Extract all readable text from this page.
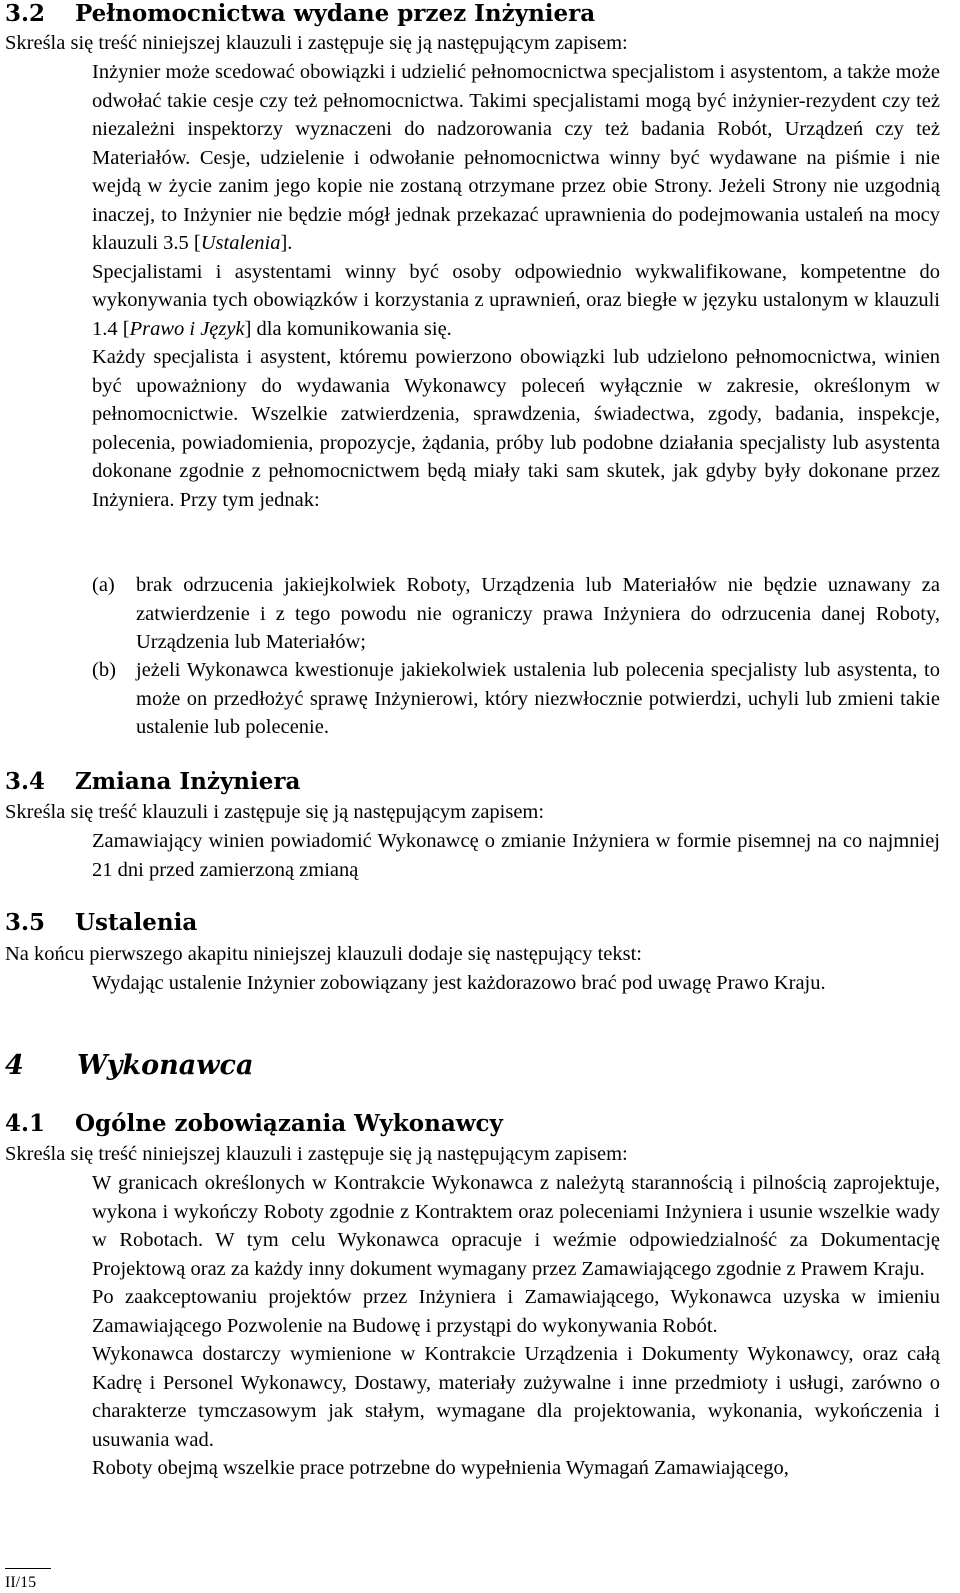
3.2 Pełnomocnictwa wydane przez Inżyniera
Skreśla się treść niniejszej klauzuli i zastępuje się ją następującym zapisem:

Inżynier może scedować obowiązki i udzielić pełnomocnictwa specjalistom i asystentom, a także może odwołać takie cesje czy też pełnomocnictwa. Takimi specjalistami mogą być inżynier-rezydent czy też niezależni inspektorzy wyznaczeni do nadzorowania czy też badania Robót, Urządzeń czy też Materiałów. Cesje, udzielenie i odwołanie pełnomocnictwa winny być wydawane na piśmie i nie wejdą w życie zanim jego kopie nie zostaną otrzymane przez obie Strony. Jeżeli Strony nie uzgodnią inaczej, to Inżynier nie będzie mógł jednak przekazać uprawnienia do podejmowania ustaleń na mocy klauzuli 3.5 [Ustalenia].

Specjalistami i asystentami winny być osoby odpowiednio wykwalifikowane, kompetentne do wykonywania tych obowiązków i korzystania z uprawnień, oraz biegłe w języku ustalonym w klauzuli 1.4 [Prawo i Język] dla komunikowania się.

Każdy specjalista i asystent, któremu powierzono obowiązki lub udzielono pełnomocnictwa, winien być upoważniony do wydawania Wykonawcy poleceń wyłącznie w zakresie, określonym w pełnomocnictwie. Wszelkie zatwierdzenia, sprawdzenia, świadectwa, zgody, badania, inspekcje, polecenia, powiadomienia, propozycje, żądania, próby lub podobne działania specjalisty lub asystenta dokonane zgodnie z pełnomocnictwem będą miały taki sam skutek, jak gdyby były dokonane przez Inżyniera. Przy tym jednak:

(a) brak odrzucenia jakiejkolwiek Roboty, Urządzenia lub Materiałów nie będzie uznawany za zatwierdzenie i z tego powodu nie ograniczy prawa Inżyniera do odrzucenia danej Roboty, Urządzenia lub Materiałów;
(b) jeżeli Wykonawca kwestionuje jakiekolwiek ustalenia lub polecenia specjalisty lub asystenta, to może on przedłożyć sprawę Inżynierowi, który niezwłocznie potwierdzi, uchyli lub zmieni takie ustalenie lub polecenie.
3.4 Zmiana Inżyniera
Skreśla się treść klauzuli i zastępuje się ją następującym zapisem:

Zamawiający winien powiadomić Wykonawcę o zmianie Inżyniera w formie pisemnej na co najmniej 21 dni przed zamierzoną zmianą

3.5 Ustalenia
Na końcu pierwszego akapitu niniejszej klauzuli dodaje się następujący tekst:

Wydając ustalenie Inżynier zobowiązany jest każdorazowo brać pod uwagę Prawo Kraju.

4 Wykonawca
4.1 Ogólne zobowiązania Wykonawcy
Skreśla się treść niniejszej klauzuli i zastępuje się ją następującym zapisem:

W granicach określonych w Kontrakcie Wykonawca z należytą starannością i pilnością zaprojektuje, wykona i wykończy Roboty zgodnie z Kontraktem oraz poleceniami Inżyniera i usunie wszelkie wady w Robotach. W tym celu Wykonawca opracuje i weźmie odpowiedzialność za Dokumentację Projektową oraz za każdy inny dokument wymagany przez Zamawiającego zgodnie z Prawem Kraju.

Po zaakceptowaniu projektów przez Inżyniera i Zamawiającego, Wykonawca uzyska w imieniu Zamawiającego Pozwolenie na Budowę i przystąpi do wykonywania Robót.

Wykonawca dostarczy wymienione w Kontrakcie Urządzenia i Dokumenty Wykonawcy, oraz całą Kadrę i Personel Wykonawcy, Dostawy, materiały zużywalne i inne przedmioty i usługi, zarówno o charakterze tymczasowym jak stałym, wymagane dla projektowania, wykonania, wykończenia i usuwania wad.

Roboty obejmą wszelkie prace potrzebne do wypełnienia Wymagań Zamawiającego,

II/15
